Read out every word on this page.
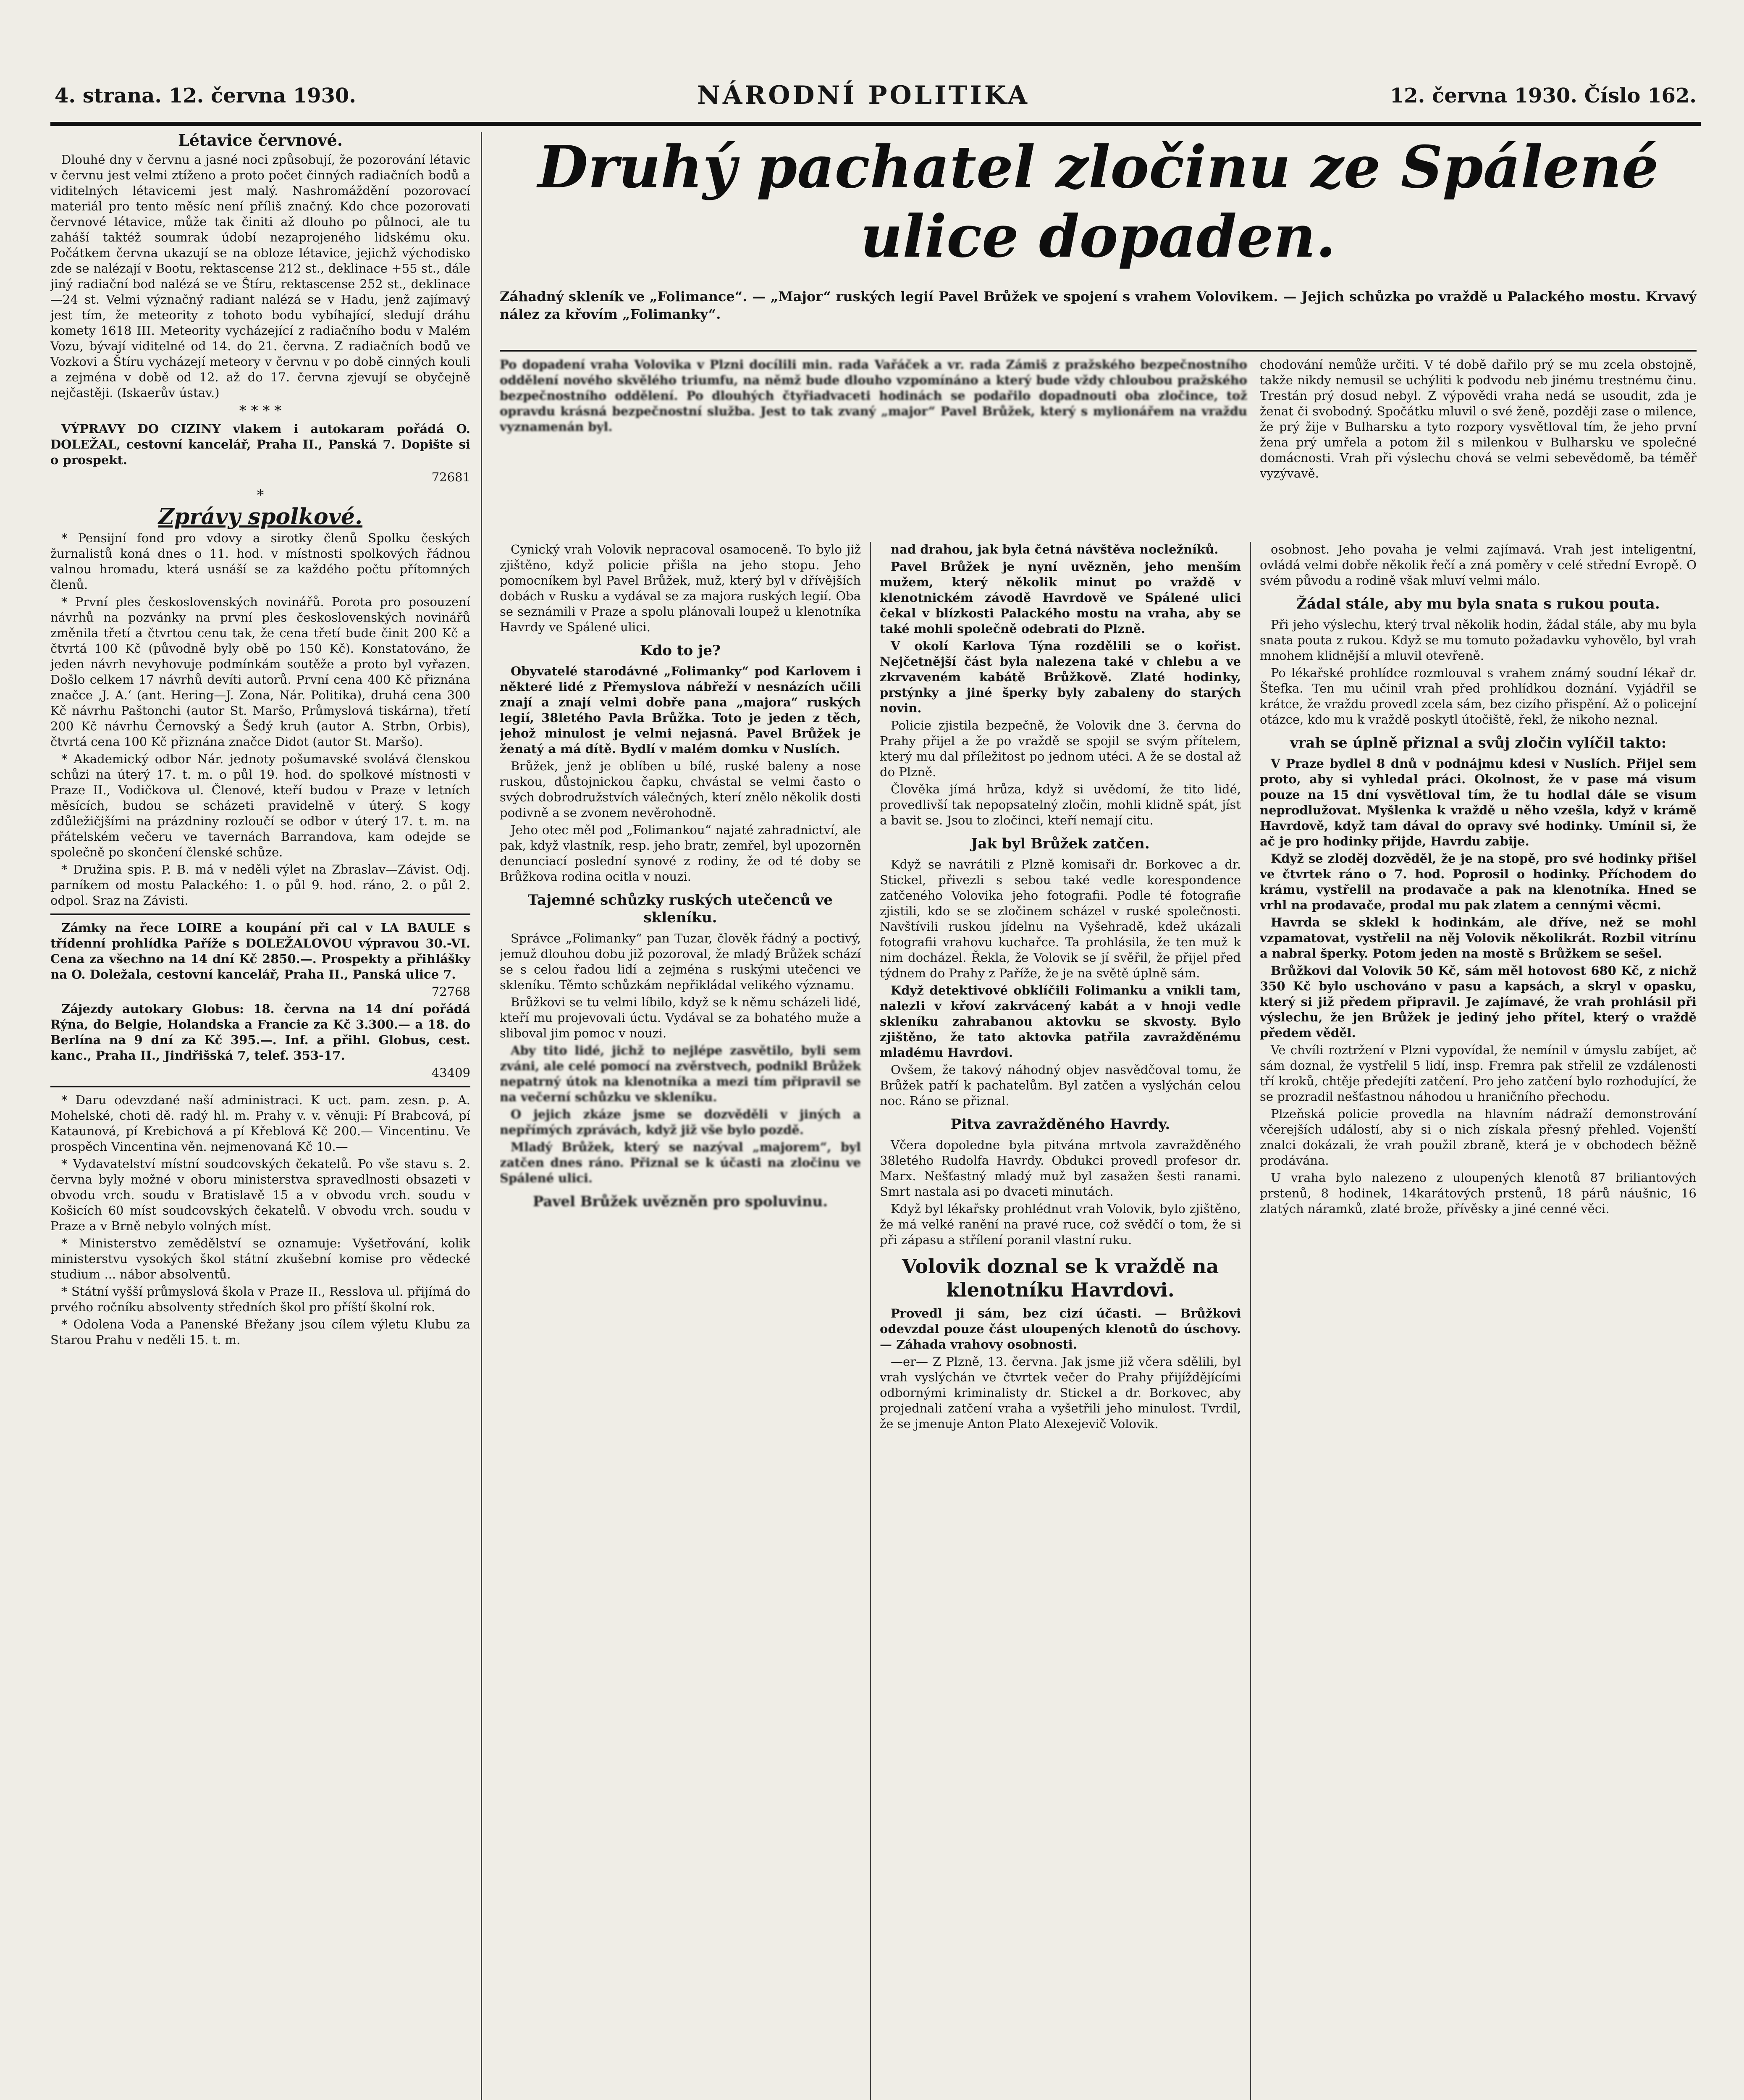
4. strana. 12. června 1930.	NÁRODNÍ POLITIKA	12. června 1930. Číslo 162.
Létavice červnové.

Dlouhé dny v červnu a jasné noci způsobují, že pozorování létavic v červnu jest velmi ztíženo a proto počet činných radiačních bodů a viditelných létavicemi jest malý. Nashromáždění pozorovací materiál pro tento měsíc není příliš značný. Kdo chce pozorovati červnové létavice, může tak činiti až dlouho po půlnoci, ale tu zaháší taktéž soumrak údobí nezaprojeného lidskému oku. Počátkem června ukazují se na obloze létavice, jejichž východisko zde se nalézají v Bootu, rektascense 212 st., deklinace +55 st., dále jiný radiační bod nalézá se ve Štíru, rektascense 252 st., deklinace —24 st. Velmi význačný radiant nalézá se v Hadu, jenž zajímavý jest tím, že meteority z tohoto bodu vybíhající, sledují dráhu komety 1618 III. Meteority vycházející z radiačního bodu v Malém Vozu, bývají viditelné od 14. do 21. června. Z radiačních bodů ve Vozkovi a Štíru vycházejí meteory v červnu v po době cinných kouli a zejména v době od 12. až do 17. června zjevují se obyčejně nejčastěji. (Iskaerův ústav.)

* * * *

VÝPRAVY DO CIZINY vlakem i autokaram pořádá O. DOLEŽAL, cestovní kancelář, Praha II., Panská 7. Dopište si o prospekt.

72681

*
Zprávy spolkové.

* Pensijní fond pro vdovy a sirotky členů Spolku českých žurnalistů koná dnes o 11. hod. v místnosti spolkových řádnou valnou hromadu, která usnáší se za každého počtu přítomných členů.

* První ples československých novinářů. Porota pro posouzení návrhů na pozvánky na první ples československých novinářů změnila třetí a čtvrtou cenu tak, že cena třetí bude činit 200 Kč a čtvrtá 100 Kč (původně byly obě po 150 Kč). Konstatováno, že jeden návrh nevyhovuje podmínkám soutěže a proto byl vyřazen. Došlo celkem 17 návrhů devíti autorů. První cena 400 Kč přiznána značce ‚J. A.‘ (ant. Hering—J. Zona, Nár. Politika), druhá cena 300 Kč návrhu Paštonchi (autor St. Maršo, Průmyslová tiskárna), třetí 200 Kč návrhu Černovský a Šedý kruh (autor A. Strbn, Orbis), čtvrtá cena 100 Kč přiznána značce Didot (autor St. Maršo).

* Akademický odbor Nár. jednoty pošumavské svolává členskou schůzi na úterý 17. t. m. o půl 19. hod. do spolkové místnosti v Praze II., Vodičkova ul. Členové, kteří budou v Praze v letních měsících, budou se scházeti pravidelně v úterý. S kogy zdůležičjšími na prázdniny rozloučí se odbor v úterý 17. t. m. na přátelském večeru ve tavernách Barrandova, kam odejde se společně po skončení členské schůze.

* Družina spis. P. B. má v neděli výlet na Zbraslav—Závist. Odj. parníkem od mostu Palackého: 1. o půl 9. hod. ráno, 2. o půl 2. odpol. Sraz na Závisti.

Zámky na řece LOIRE a koupání při cal v LA BAULE s třídenní prohlídka Paříže s DOLEŽALOVOU výpravou 30.-VI. Cena za všechno na 14 dní Kč 2850.—. Prospekty a přihlášky na O. Doležala, cestovní kancelář, Praha II., Panská ulice 7.

72768

Zájezdy autokary Globus: 18. června na 14 dní pořádá Rýna, do Belgie, Holandska a Francie za Kč 3.300.— a 18. do Berlína na 9 dní za Kč 395.—. Inf. a přihl. Globus, cest. kanc., Praha II., Jindřišská 7, telef. 353-17.

43409

* Daru odevzdané naší administraci. K uct. pam. zesn. p. A. Mohelské, choti dě. radý hl. m. Prahy v. v. věnuji: Pí Brabcová, pí Kataunová, pí Krebichová a pí Křeblová Kč 200.— Vincentinu. Ve prospěch Vincentina věn. nejmenovaná Kč 10.—

* Vydavatelství místní soudcovských čekatelů. Po vše stavu s. 2. června byly možné v oboru ministerstva spravedlnosti obsazeti v obvodu vrch. soudu v Bratislavě 15 a v obvodu vrch. soudu v Košicích 60 míst soudcovských čekatelů. V obvodu vrch. soudu v Praze a v Brně nebylo volných míst.

* Ministerstvo zemědělství se oznamuje: Vyšetřování, kolik ministerstvu vysokých škol státní zkušební komise pro vědecké studium ... nábor absolventů.

* Státní vyšší průmyslová škola v Praze II., Resslova ul. přijímá do prvého ročníku absolventy středních škol pro příští školní rok.

* Odolena Voda a Panenské Břežany jsou cílem výletu Klubu za Starou Prahu v neděli 15. t. m.

Druhý pachatel zločinu ze Spálené ulice dopaden.
Záhadný skleník ve „Folimance“. — „Major“ ruských legií Pavel Brůžek ve spojení s vrahem Volovikem. — Jejich schůzka po vraždě u Palackého mostu. Krvavý nález za křovím „Folimanky“.
Po dopadení vraha Volovika v Plzni docílili min. rada Vařáček a vr. rada Zámiš z pražského bezpečnostního oddělení nového skvělého triumfu, na němž bude dlouho vzpomínáno a který bude vždy chloubou pražského bezpečnostního oddělení. Po dlouhých čtyřiadvaceti hodinách se podařilo dopadnouti oba zločince, tož opravdu krásná bezpečnostní služba. Jest to tak zvaný „major“ Pavel Brůžek, který s mylionářem na vraždu vyznamenán byl.
chodování nemůže určiti. V té době dařilo prý se mu zcela obstojně, takže nikdy nemusil se uchýliti k podvodu neb jinému trestnému činu. Trestán prý dosud nebyl. Z výpovědi vraha nedá se usoudit, zda je ženat či svobodný. Spočátku mluvil o své ženě, později zase o milence, že prý žije v Bulharsku a tyto rozpory vysvětloval tím, že jeho první žena prý umřela a potom žil s milenkou v Bulharsku ve společné domácnosti. Vrah při výslechu chová se velmi sebevědomě, ba téměř vyzývavě.

Cynický vrah Volovik nepracoval osamoceně. To bylo již zjištěno, když policie přišla na jeho stopu. Jeho pomocníkem byl Pavel Brůžek, muž, který byl v dřívějších dobách v Rusku a vydával se za majora ruských legií. Oba se seznámili v Praze a spolu plánovali loupež u klenotníka Havrdy ve Spálené ulici.

Kdo to je?

Obyvatelé starodávné „Folimanky“ pod Karlovem i některé lidé z Přemyslova nábřeží v nesnázích učili znají a znají velmi dobře pana „majora“ ruských legií, 38letého Pavla Brůžka. Toto je jeden z těch, jehož minulost je velmi nejasná. Pavel Brůžek je ženatý a má dítě. Bydlí v malém domku v Nuslích.

Brůžek, jenž je oblíben u bílé, ruské baleny a nose ruskou, důstojnickou čapku, chvástal se velmi často o svých dobrodružstvích válečných, kterí znělo několik dosti podivně a se zvonem nevěrohodně.

Jeho otec měl pod „Folimankou“ najaté zahradnictví, ale pak, když vlastník, resp. jeho bratr, zemřel, byl upozorněn denunciací poslední synové z rodiny, že od té doby se Brůžkova rodina ocitla v nouzi.

Tajemné schůzky ruských utečenců ve skleníku.

Správce „Folimanky“ pan Tuzar, člověk řádný a poctivý, jemuž dlouhou dobu již pozoroval, že mladý Brůžek schází se s celou řadou lidí a zejména s ruskými utečenci ve skleníku. Těmto schůzkám nepřikládal velikého významu.

Brůžkovi se tu velmi líbilo, když se k němu scházeli lidé, kteří mu projevovali úctu. Vydával se za bohatého muže a sliboval jim pomoc v nouzi.

Aby tito lidé, jichž to nejlépe zasvětilo, byli sem zváni, ale celé pomocí na zvěrstvech, podnikl Brůžek nepatrný útok na klenotníka a mezi tím připravil se na večerní schůzku ve skleníku.

O jejich zkáze jsme se dozvěděli v jiných a nepřímých zprávách, když již vše bylo pozdě.

Mladý Brůžek, který se nazýval „majorem“, byl zatčen dnes ráno. Přiznal se k účasti na zločinu ve Spálené ulici.

Pavel Brůžek uvězněn pro spoluvinu.

nad drahou, jak byla četná návštěva nocležníků.

Pavel Brůžek je nyní uvězněn, jeho menším mužem, který několik minut po vraždě v klenotnickém závodě Havrdově ve Spálené ulici čekal v blízkosti Palackého mostu na vraha, aby se také mohli společně odebrati do Plzně.

V okolí Karlova Týna rozdělili se o kořist. Nejčetnější část byla nalezena také v chlebu a ve zkrvaveném kabátě Brůžkově. Zlaté hodinky, prstýnky a jiné šperky byly zabaleny do starých novin.

Policie zjistila bezpečně, že Volovik dne 3. června do Prahy přijel a že po vraždě se spojil se svým přítelem, který mu dal příležitost po jednom utéci. A že se dostal až do Plzně.

Člověka jímá hrůza, když si uvědomí, že tito lidé, provedlivší tak nepopsatelný zločin, mohli klidně spát, jíst a bavit se. Jsou to zločinci, kteří nemají citu.

Jak byl Brůžek zatčen.

Když se navrátili z Plzně komisaři dr. Borkovec a dr. Stickel, přivezli s sebou také vedle korespondence zatčeného Volovika jeho fotografii. Podle té fotografie zjistili, kdo se se zločinem scházel v ruské společnosti. Navštívili ruskou jídelnu na Vyšehradě, kdež ukázali fotografii vrahovu kuchařce. Ta prohlásila, že ten muž k nim docházel. Řekla, že Volovik se jí svěřil, že přijel před týdnem do Prahy z Paříže, že je na světě úplně sám.

Když detektivové obklíčili Folimanku a vnikli tam, nalezli v křoví zakrvácený kabát a v hnoji vedle skleníku zahrabanou aktovku se skvosty. Bylo zjištěno, že tato aktovka patřila zavražděnému mladému Havrdovi.

Ovšem, že takový náhodný objev nasvědčoval tomu, že Brůžek patří k pachatelům. Byl zatčen a vyslýchán celou noc. Ráno se přiznal.

Pitva zavražděného Havrdy.

Včera dopoledne byla pitvána mrtvola zavražděného 38letého Rudolfa Havrdy. Obdukci provedl profesor dr. Marx. Nešťastný mladý muž byl zasažen šesti ranami. Smrt nastala asi po dvaceti minutách.

Když byl lékařsky prohlédnut vrah Volovik, bylo zjištěno, že má velké ranění na pravé ruce, což svědčí o tom, že si při zápasu a střílení poranil vlastní ruku.

Volovik doznal se k vraždě na klenotníku Havrdovi.

Provedl ji sám, bez cizí účasti. — Brůžkovi odevzdal pouze část uloupených klenotů do úschovy. — Záhada vrahovy osobnosti.

—er— Z Plzně, 13. června. Jak jsme již včera sdělili, byl vrah vyslýchán ve čtvrtek večer do Prahy přijíždějícími odbornými kriminalisty dr. Stickel a dr. Borkovec, aby projednali zatčení vraha a vyšetřili jeho minulost. Tvrdil, že se jmenuje Anton Plato Alexejevič Volovik.

osobnost. Jeho povaha je velmi zajímavá. Vrah jest inteligentní, ovládá velmi dobře několik řečí a zná poměry v celé střední Evropě. O svém původu a rodině však mluví velmi málo.

Žádal stále, aby mu byla snata s rukou pouta.

Při jeho výslechu, který trval několik hodin, žádal stále, aby mu byla snata pouta z rukou. Když se mu tomuto požadavku vyhovělo, byl vrah mnohem klidnější a mluvil otevřeně.

Po lékařské prohlídce rozmlouval s vrahem známý soudní lékař dr. Štefka. Ten mu učinil vrah před prohlídkou doznání. Vyjádřil se krátce, že vraždu provedl zcela sám, bez cizího přispění. Až o policejní otázce, kdo mu k vraždě poskytl útočiště, řekl, že nikoho neznal.

vrah se úplně přiznal a svůj zločin vylíčil takto:

V Praze bydlel 8 dnů v podnájmu kdesi v Nuslích. Přijel sem proto, aby si vyhledal práci. Okolnost, že v pase má visum pouze na 15 dní vysvětloval tím, že tu hodlal dále se visum neprodlužovat. Myšlenka k vraždě u něho vzešla, když v krámě Havrdově, když tam dával do opravy své hodinky. Umínil si, že ač je pro hodinky přijde, Havrdu zabije.

Když se zloděj dozvěděl, že je na stopě, pro své hodinky přišel ve čtvrtek ráno o 7. hod. Poprosil o hodinky. Příchodem do krámu, vystřelil na prodavače a pak na klenotníka. Hned se vrhl na prodavače, prodal mu pak zlatem a cennými věcmi.

Havrda se sklekl k hodinkám, ale dříve, než se mohl vzpamatovat, vystřelil na něj Volovik několikrát. Rozbil vitrínu a nabral šperky. Potom jeden na mostě s Brůžkem se sešel.

Brůžkovi dal Volovik 50 Kč, sám měl hotovost 680 Kč, z nichž 350 Kč bylo uschováno v pasu a kapsách, a skryl v opasku, který si již předem připravil. Je zajímavé, že vrah prohlásil při výslechu, že jen Brůžek je jediný jeho přítel, který o vraždě předem věděl.

Ve chvíli roztržení v Plzni vypovídal, že nemínil v úmyslu zabíjet, ač sám doznal, že vystřelil 5 lidí, insp. Fremra pak střelil ze vzdálenosti tří kroků, chtěje předejíti zatčení. Pro jeho zatčení bylo rozhodující, že se prozradil nešťastnou náhodou u hraničního přechodu.

Plzeňská policie provedla na hlavním nádraží demonstrování včerejších událostí, aby si o nich získala přesný přehled. Vojenští znalci dokázali, že vrah použil zbraně, která je v obchodech běžně prodávána.

U vraha bylo nalezeno z uloupených klenotů 87 briliantových prstenů, 8 hodinek, 14karátových prstenů, 18 párů náušnic, 16 zlatých náramků, zlaté brože, přívěsky a jiné cenné věci.
